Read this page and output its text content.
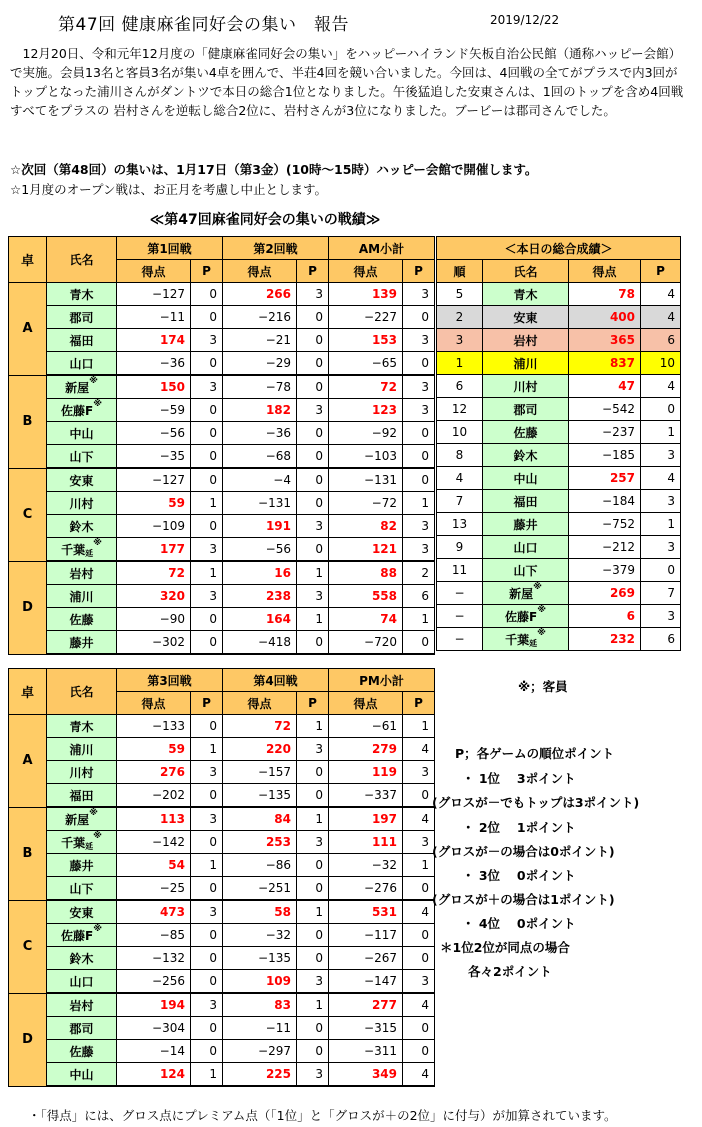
第47回 健康麻雀同好会の集い　報告	2019/12/22
12月20日、令和元年12月度の「健康麻雀同好会の集い」をハッピーハイランド矢板自治公民館（通称ハッピー会館）で実施。会員13名と客員3名が集い4卓を囲んで、半荘4回を競い合いました。今回は、4回戦の全てがプラスで内3回がトップとなった浦川さんがダントツで本日の総合1位となりました。午後猛追した安東さんは、1回のトップを含め4回戦すべてをプラスの 岩村さんを逆転し総合2位に、岩村さんが3位になりました。ブービーは郡司さんでした。
☆次回（第48回）の集いは、1月17日（第3金）(10時～15時）ハッピー会館で開催します。
☆1月度のオープン戦は、お正月を考慮し中止とします。
≪第47回麻雀同好会の集いの戦績≫
卓	氏名	第1回戦		第2回戦		AM小計	
		得点	P	得点	P	得点	P
A	青木	−127	0	266	3	139	3
	郡司	−11	0	−216	0	−227	0
	福田	174	3	−21	0	153	3
	山口	−36	0	−29	0	−65	0
B	新屋※	150	3	−78	0	72	3
	佐藤F※	−59	0	182	3	123	3
	中山	−56	0	−36	0	−92	0
	山下	−35	0	−68	0	−103	0
C	安東	−127	0	−4	0	−131	0
	川村	59	1	−131	0	−72	1
	鈴木	−109	0	191	3	82	3
	千葉延※	177	3	−56	0	121	3
D	岩村	72	1	16	1	88	2
	浦川	320	3	238	3	558	6
	佐藤	−90	0	164	1	74	1
	藤井	−302	0	−418	0	−720	0
卓	氏名	第3回戦		第4回戦		PM小計	
		得点	P	得点	P	得点	P
A	青木	−133	0	72	1	−61	1
	浦川	59	1	220	3	279	4
	川村	276	3	−157	0	119	3
	福田	−202	0	−135	0	−337	0
B	新屋※	113	3	84	1	197	4
	千葉延※	−142	0	253	3	111	3
	藤井	54	1	−86	0	−32	1
	山下	−25	0	−251	0	−276	0
C	安東	473	3	58	1	531	4
	佐藤F※	−85	0	−32	0	−117	0
	鈴木	−132	0	−135	0	−267	0
	山口	−256	0	109	3	−147	3
D	岩村	194	3	83	1	277	4
	郡司	−304	0	−11	0	−315	0
	佐藤	−14	0	−297	0	−311	0
	中山	124	1	225	3	349	4
＜本日の総合成績＞			
順	氏名	得点	P
5	青木	78	4
2	安東	400	4
3	岩村	365	6
1	浦川	837	10
6	川村	47	4
12	郡司	−542	0
10	佐藤	−237	1
8	鈴木	−185	3
4	中山	257	4
7	福田	−184	3
13	藤井	−752	1
9	山口	−212	3
11	山下	−379	0
−	新屋※	269	7
−	佐藤F※	6	3
−	千葉延※	232	6
※；客員
P；各ゲームの順位ポイント
・ 1位　 3ポイント
(グロスが－でもトップは3ポイント)
・ 2位　 1ポイント
(グロスが－の場合は0ポイント)
・ 3位　 0ポイント
(グロスが＋の場合は1ポイント)
・ 4位　 0ポイント
＊1位2位が同点の場合
各々2ポイント
・「得点」には、グロス点にプレミアム点（「1位」と「グロスが＋の2位」に付与）が加算されています。
